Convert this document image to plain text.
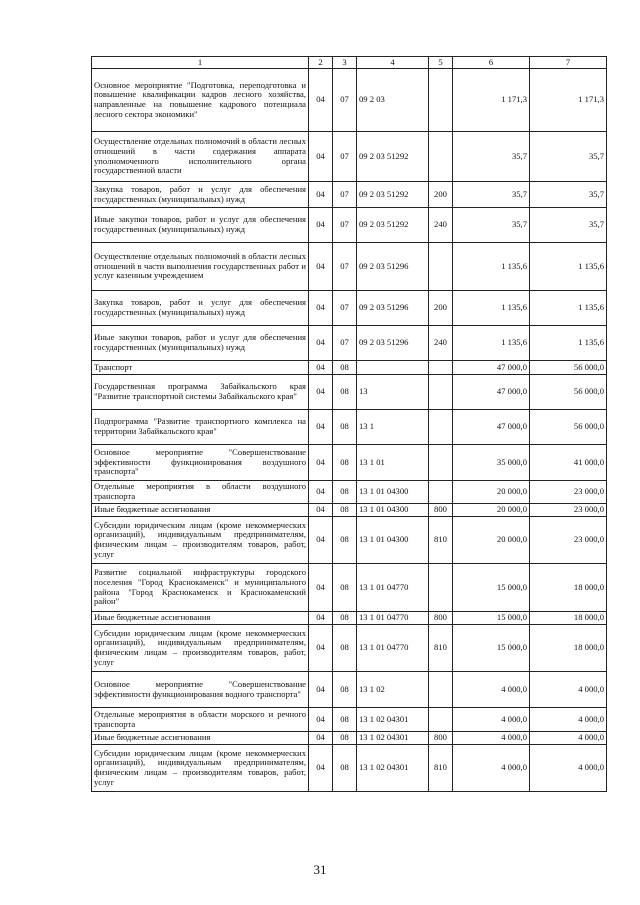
1	2	3	4	5	6	7
Основное мероприятие "Подготовка, переподготовка и повышение квалификации кадров лесного хозяйства, направленные на повышение кадрового потенциала лесного сектора экономики"	04	07	09 2 03		1 171,3	1 171,3
Осуществление отдельных полномочий в области лесных отношений в части содержания аппарата уполномоченного исполнительного органа государственной власти	04	07	09 2 03 51292		35,7	35,7
Закупка товаров, работ и услуг для обеспечения государственных (муниципальных) нужд	04	07	09 2 03 51292	200	35,7	35,7
Иные закупки товаров, работ и услуг для обеспечения государственных (муниципальных) нужд	04	07	09 2 03 51292	240	35,7	35,7
Осуществление отдельных полномочий в области лесных отношений в части выполнения государственных работ и услуг казенным учреждением	04	07	09 2 03 51296		1 135,6	1 135,6
Закупка товаров, работ и услуг для обеспечения государственных (муниципальных) нужд	04	07	09 2 03 51296	200	1 135,6	1 135,6
Иные закупки товаров, работ и услуг для обеспечения государственных (муниципальных) нужд	04	07	09 2 03 51296	240	1 135,6	1 135,6
Транспорт	04	08			47 000,0	56 000,0
Государственная программа Забайкальского края "Развитие транспортной системы Забайкальского края"	04	08	13		47 000,0	56 000,0
Подпрограмма "Развитие транспортного комплекса на территории Забайкальского края"	04	08	13 1		47 000,0	56 000,0
Основное мероприятие "Совершенствование эффективности функционирования воздушного транспорта"	04	08	13 1 01		35 000,0	41 000,0
Отдельные мероприятия в области воздушного транспорта	04	08	13 1 01 04300		20 000,0	23 000,0
Иные бюджетные ассигнования	04	08	13 1 01 04300	800	20 000,0	23 000,0
Субсидии юридическим лицам (кроме некоммерческих организаций), индивидуальным предпринимателям, физическим лицам – производителям товаров, работ, услуг	04	08	13 1 01 04300	810	20 000,0	23 000,0
Развитие социальной инфраструктуры городского поселения "Город Краснокаменск" и муниципального района "Город Краснокаменск и Краснокаменский район"	04	08	13 1 01 04770		15 000,0	18 000,0
Иные бюджетные ассигнования	04	08	13 1 01 04770	800	15 000,0	18 000,0
Субсидии юридическим лицам (кроме некоммерческих организаций), индивидуальным предпринимателям, физическим лицам – производителям товаров, работ, услуг	04	08	13 1 01 04770	810	15 000,0	18 000,0
Основное мероприятие "Совершенствование эффективности функционирования водного транспорта"	04	08	13 1 02		4 000,0	4 000,0
Отдельные мероприятия в области морского и речного транспорта	04	08	13 1 02 04301		4 000,0	4 000,0
Иные бюджетные ассигнования	04	08	13 1 02 04301	800	4 000,0	4 000,0
Субсидии юридическим лицам (кроме некоммерческих организаций), индивидуальным предпринимателям, физическим лицам – производителям товаров, работ, услуг	04	08	13 1 02 04301	810	4 000,0	4 000,0
31
